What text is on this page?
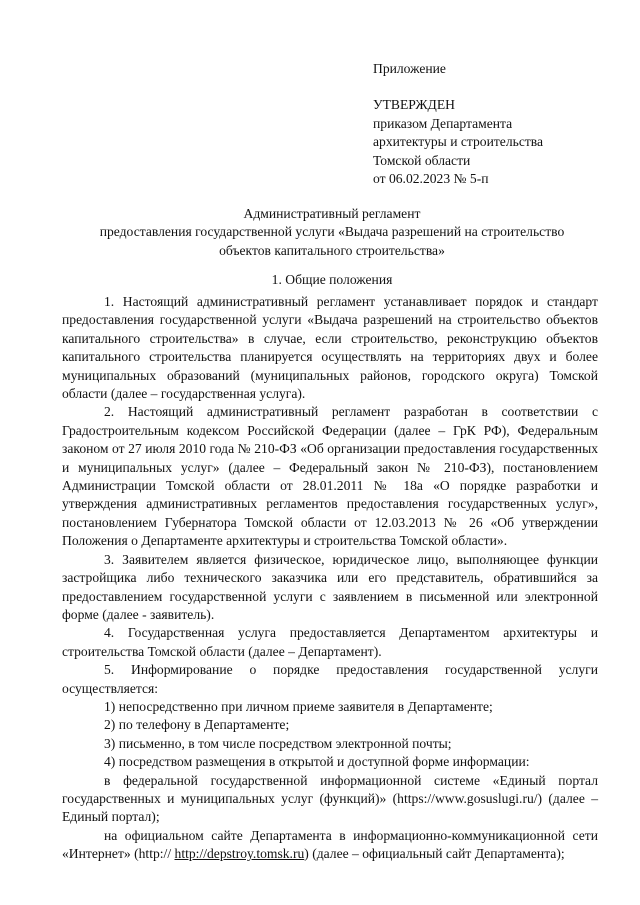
Приложение
УТВЕРЖДЕН
приказом Департамента
архитектуры и строительства
Томской области
от 06.02.2023 № 5-п
Административный регламент
предоставления государственной услуги «Выдача разрешений на строительство
объектов капитального строительства»
1. Общие положения

1. Настоящий административный регламент устанавливает порядок и стандарт предоставления государственной услуги «Выдача разрешений на строительство объектов капитального строительства» в случае, если строительство, реконструкцию объектов капитального строительства планируется осуществлять на территориях двух и более муниципальных образований (муниципальных районов, городского округа) Томской области (далее – государственная услуга).

2. Настоящий административный регламент разработан в соответствии с Градостроительным кодексом Российской Федерации (далее – ГрК РФ), Федеральным законом от 27 июля 2010 года № 210-ФЗ «Об организации предоставления государственных и муниципальных услуг» (далее – Федеральный закон № 210-ФЗ), постановлением Администрации Томской области от 28.01.2011 № 18а «О порядке разработки и утверждения административных регламентов предоставления государственных услуг», постановлением Губернатора Томской области от 12.03.2013 № 26 «Об утверждении Положения о Департаменте архитектуры и строительства Томской области».

3. Заявителем является физическое, юридическое лицо, выполняющее функции застройщика либо технического заказчика или его представитель, обратившийся за предоставлением государственной услуги с заявлением в письменной или электронной форме (далее - заявитель).

4. Государственная услуга предоставляется Департаментом архитектуры и строительства Томской области (далее – Департамент).

5. Информирование о порядке предоставления государственной услуги осуществляется:

1) непосредственно при личном приеме заявителя в Департаменте;

2) по телефону в Департаменте;

3) письменно, в том числе посредством электронной почты;

4) посредством размещения в открытой и доступной форме информации:

в федеральной государственной информационной системе «Единый портал государственных и муниципальных услуг (функций)» (https://www.gosuslugi.ru/) (далее – Единый портал);

на официальном сайте Департамента в информационно-коммуникационной сети «Интернет» (http:// http://depstroy.tomsk.ru) (далее – официальный сайт Департамента);
